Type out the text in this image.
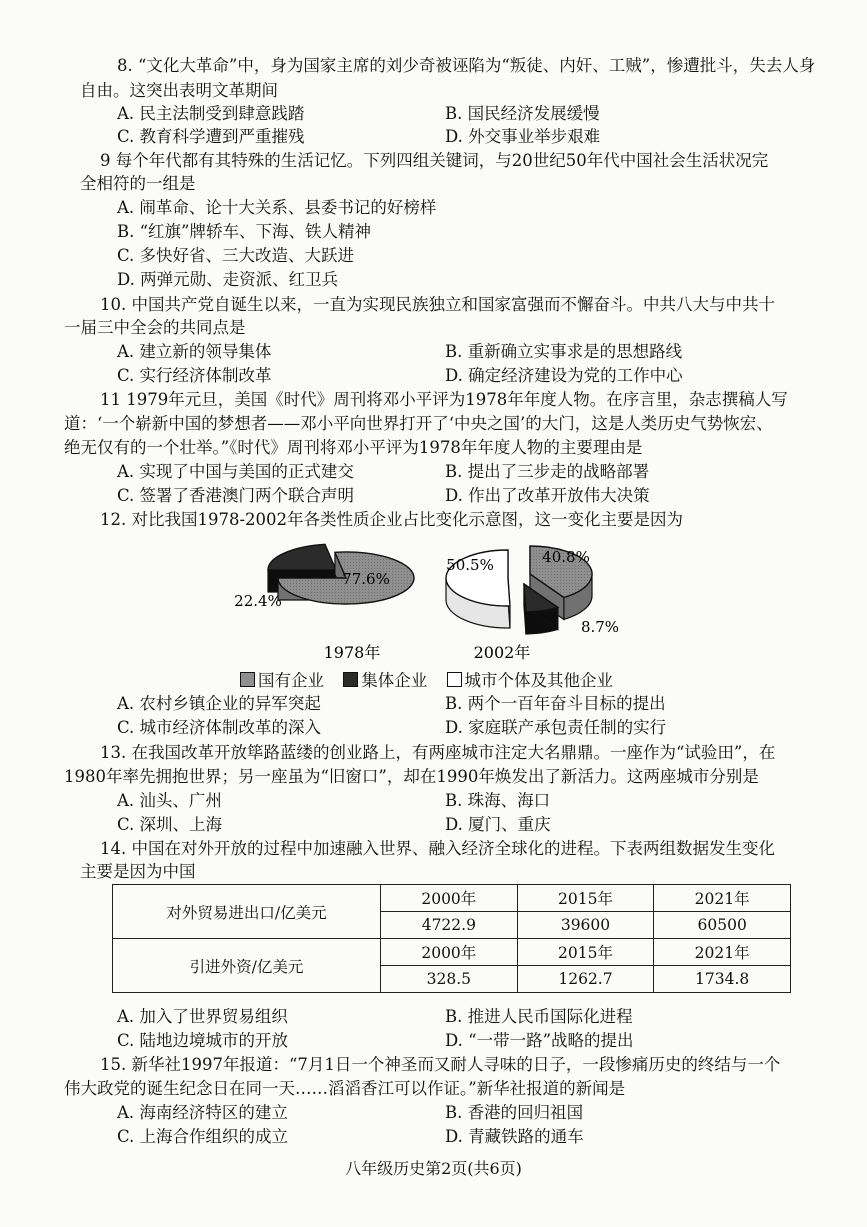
8. “文化大革命”中，身为国家主席的刘少奇被诬陷为“叛徒、内奸、工贼”，惨遭批斗，失去人身
自由。这突出表明文革期间
A. 民主法制受到肆意践踏	B. 国民经济发展缓慢
C. 教育科学遭到严重摧残	D. 外交事业举步艰难
9 每个年代都有其特殊的生活记忆。下列四组关键词，与20世纪50年代中国社会生活状况完
全相符的一组是
A. 闹革命、论十大关系、县委书记的好榜样
B. “红旗”牌轿车、下海、铁人精神
C. 多快好省、三大改造、大跃进
D. 两弹元勋、走资派、红卫兵
10. 中国共产党自诞生以来，一直为实现民族独立和国家富强而不懈奋斗。中共八大与中共十
一届三中全会的共同点是
A. 建立新的领导集体	B. 重新确立实事求是的思想路线
C. 实行经济体制改革	D. 确定经济建设为党的工作中心
11 1979年元旦，美国《时代》周刊将邓小平评为1978年年度人物。在序言里，杂志撰稿人写
道：‘一个崭新中国的梦想者——邓小平向世界打开了‘中央之国’的大门，这是人类历史气势恢宏、
绝无仅有的一个壮举。”《时代》周刊将邓小平评为1978年年度人物的主要理由是
A. 实现了中国与美国的正式建交	B. 提出了三步走的战略部署
C. 签署了香港澳门两个联合声明	D. 作出了改革开放伟大决策
12. 对比我国1978-2002年各类性质企业占比变化示意图，这一变化主要是因为
77.6%
22.4%
1978年
40.8%
50.5%
8.7%
2002年
国有企业 集体企业 城市个体及其他企业
A. 农村乡镇企业的异军突起	B. 两个一百年奋斗目标的提出
C. 城市经济体制改革的深入	D. 家庭联产承包责任制的实行
13. 在我国改革开放筚路蓝缕的创业路上，有两座城市注定大名鼎鼎。一座作为“试验田”，在
1980年率先拥抱世界；另一座虽为“旧窗口”，却在1990年焕发出了新活力。这两座城市分别是
A. 汕头、广州	B. 珠海、海口
C. 深圳、上海	D. 厦门、重庆
14. 中国在对外开放的过程中加速融入世界、融入经济全球化的进程。下表两组数据发生变化
主要是因为中国
对外贸易进出口/亿美元	2000年	2015年	2021年
	4722.9	39600	60500
引进外资/亿美元	2000年	2015年	2021年
	328.5	1262.7	1734.8
A. 加入了世界贸易组织	B. 推进人民币国际化进程
C. 陆地边境城市的开放	D. “一带一路”战略的提出
15. 新华社1997年报道：“7月1日一个神圣而又耐人寻味的日子，一段惨痛历史的终结与一个
伟大政党的诞生纪念日在同一天……滔滔香江可以作证。”新华社报道的新闻是
A. 海南经济特区的建立	B. 香港的回归祖国
C. 上海合作组织的成立	D. 青藏铁路的通车
八年级历史第2页(共6页)
